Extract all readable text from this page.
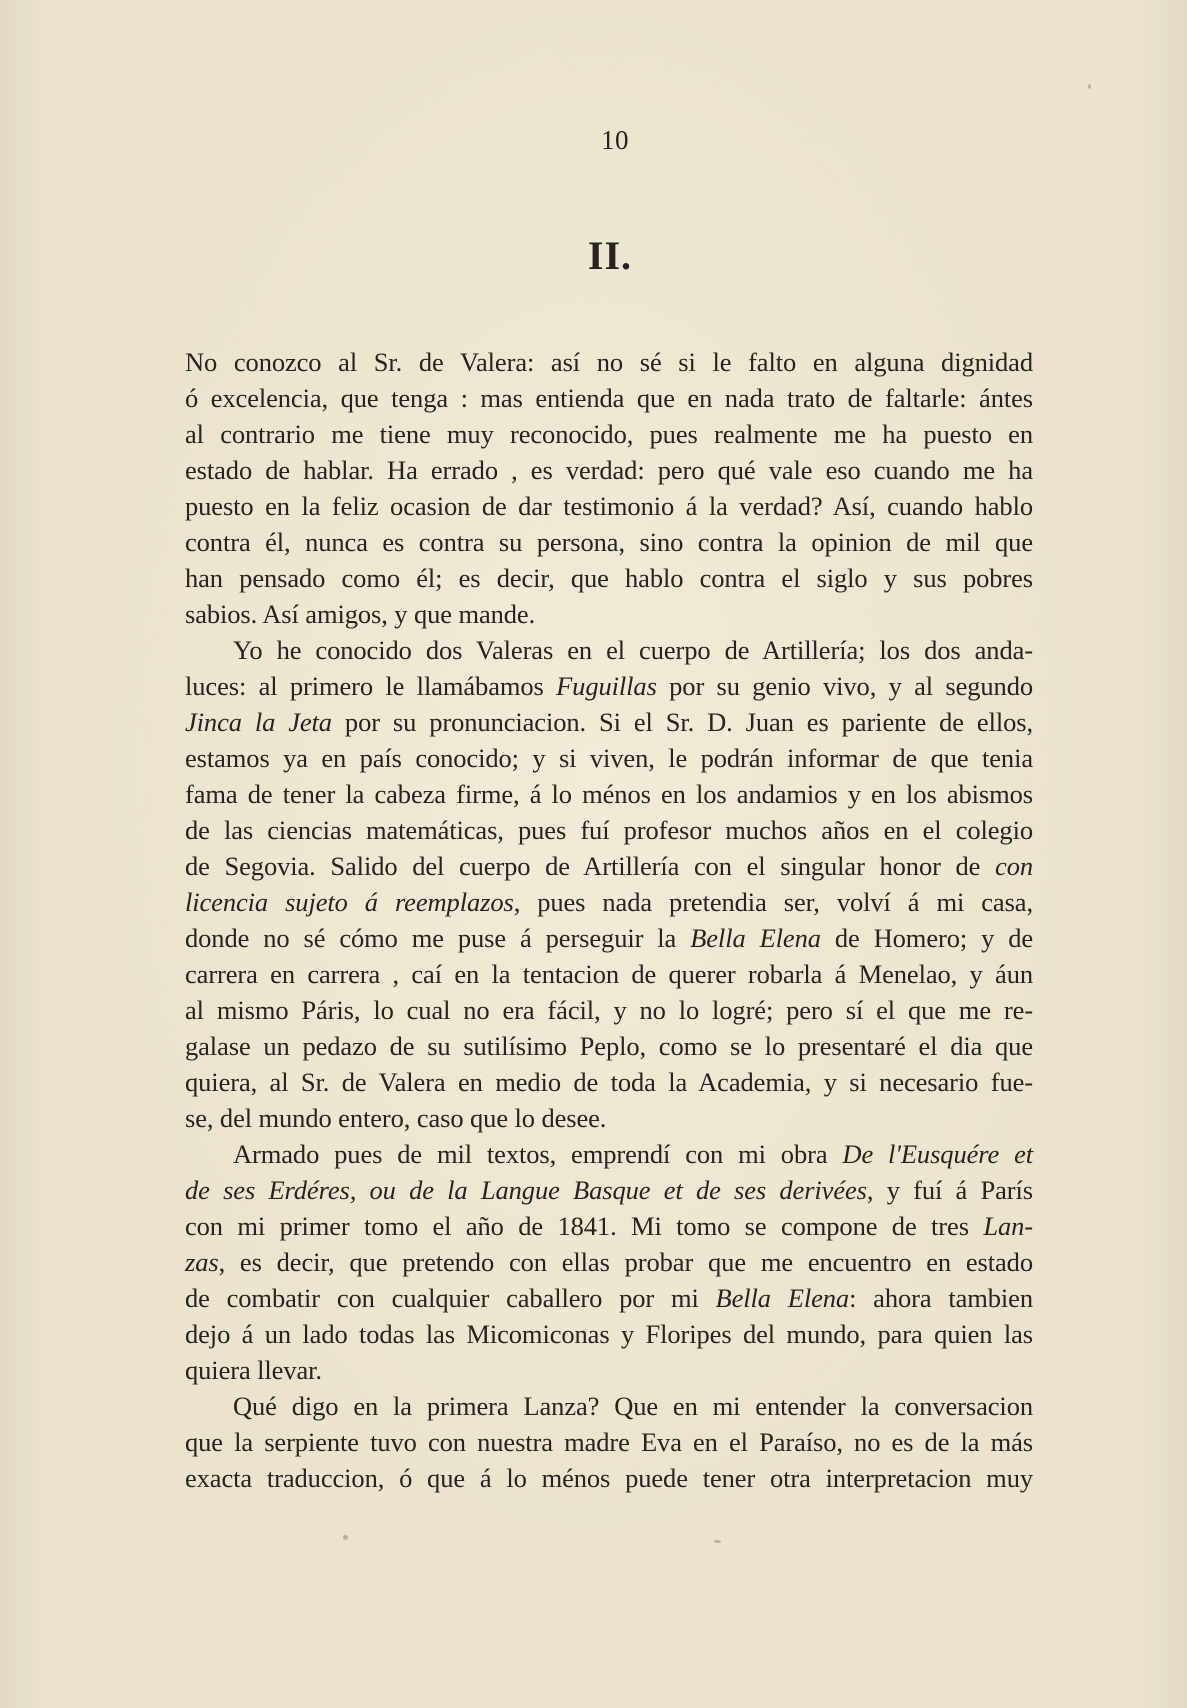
10
II.

No conozco al Sr. de Valera: así no sé si le falto en alguna dignidad
ó excelencia, que tenga : mas entienda que en nada trato de faltarle: ántes
al contrario me tiene muy reconocido, pues realmente me ha puesto en
estado de hablar. Ha errado , es verdad: pero qué vale eso cuando me ha
puesto en la feliz ocasion de dar testimonio á la verdad? Así, cuando hablo
contra él, nunca es contra su persona, sino contra la opinion de mil que
han pensado como él; es decir, que hablo contra el siglo y sus pobres
sabios. Así amigos, y que mande.

Yo he conocido dos Valeras en el cuerpo de Artillería; los dos anda-
luces: al primero le llamábamos Fuguillas por su genio vivo, y al segundo
Jinca la Jeta por su pronunciacion. Si el Sr. D. Juan es pariente de ellos,
estamos ya en país conocido; y si viven, le podrán informar de que tenia
fama de tener la cabeza firme, á lo ménos en los andamios y en los abismos
de las ciencias matemáticas, pues fuí profesor muchos años en el colegio
de Segovia. Salido del cuerpo de Artillería con el singular honor de con
licencia sujeto á reemplazos, pues nada pretendia ser, volví á mi casa,
donde no sé cómo me puse á perseguir la Bella Elena de Homero; y de
carrera en carrera , caí en la tentacion de querer robarla á Menelao, y áun
al mismo Páris, lo cual no era fácil, y no lo logré; pero sí el que me re-
galase un pedazo de su sutilísimo Peplo, como se lo presentaré el dia que
quiera, al Sr. de Valera en medio de toda la Academia, y si necesario fue-
se, del mundo entero, caso que lo desee.

Armado pues de mil textos, emprendí con mi obra De l'Eusquére et
de ses Erdéres, ou de la Langue Basque et de ses derivées, y fuí á París
con mi primer tomo el año de 1841. Mi tomo se compone de tres Lan-
zas, es decir, que pretendo con ellas probar que me encuentro en estado
de combatir con cualquier caballero por mi Bella Elena: ahora tambien
dejo á un lado todas las Micomiconas y Floripes del mundo, para quien las
quiera llevar.

Qué digo en la primera Lanza? Que en mi entender la conversacion
que la serpiente tuvo con nuestra madre Eva en el Paraíso, no es de la más
exacta traduccion, ó que á lo ménos puede tener otra interpretacion muy
